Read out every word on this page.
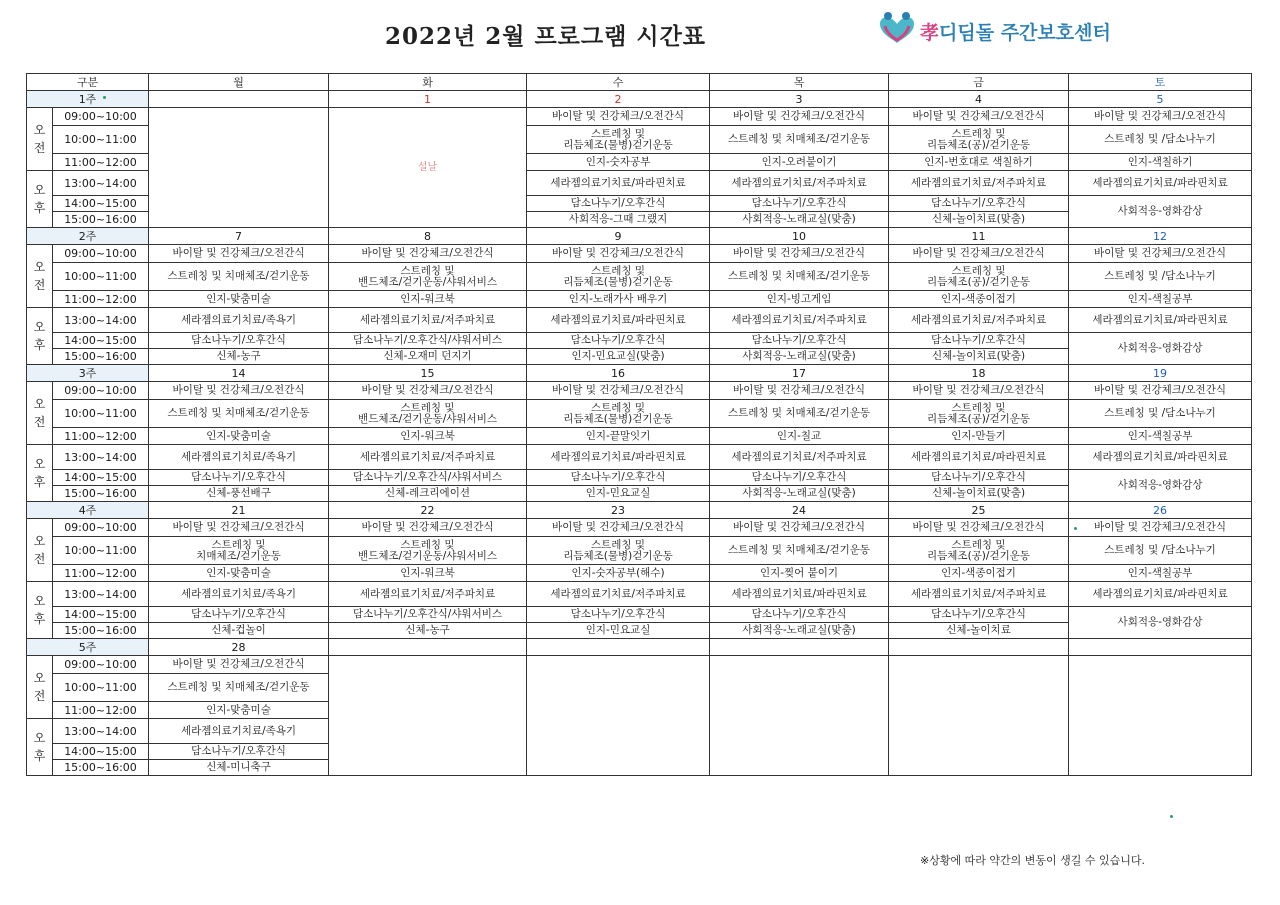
2022년 2월 프로그램 시간표	孝디딤돌 주간보호센터
구분		월	화	수	목	금	토
1주			1	2	3	4	5
오
전	09:00~10:00		설날	바이탈 및 건강체크/오전간식	바이탈 및 건강체크/오전간식	바이탈 및 건강체크/오전간식	바이탈 및 건강체크/오전간식
	10:00~11:00			스트레칭 및
리듬체조(물병)걷기운동	스트레칭 및 치매체조/걷기운동	스트레칭 및
리듬체조(공)/걷기운동	스트레칭 및 /담소나누기
	11:00~12:00			인지-숫자공부	인지-오려붙이기	인지-번호대로 색칠하기	인지-색칠하기
오
후	13:00~14:00			세라젬의료기치료/파라핀치료	세라젬의료기치료/저주파치료	세라젬의료기치료/저주파치료	세라젬의료기치료/파라핀치료
	14:00~15:00			담소나누기/오후간식	담소나누기/오후간식	담소나누기/오후간식	사회적응-영화감상
	15:00~16:00			사회적응-그때 그랬지	사회적응-노래교실(맞춤)	신체-놀이치료(맞춤)	
2주		7	8	9	10	11	12
오
전	09:00~10:00	바이탈 및 건강체크/오전간식	바이탈 및 건강체크/오전간식	바이탈 및 건강체크/오전간식	바이탈 및 건강체크/오전간식	바이탈 및 건강체크/오전간식	바이탈 및 건강체크/오전간식
	10:00~11:00	스트레칭 및 치매체조/걷기운동	스트레칭 및
밴드체조/걷기운동/샤워서비스	스트레칭 및
리듬체조(물병)걷기운동	스트레칭 및 치매체조/걷기운동	스트레칭 및
리듬체조(공)/걷기운동	스트레칭 및 /담소나누기
	11:00~12:00	인지-맞춤미술	인지-워크북	인지-노래가사 배우기	인지-빙고게임	인지-색종이접기	인지-색칠공부
오
후	13:00~14:00	세라젬의료기치료/족욕기	세라젬의료기치료/저주파치료	세라젬의료기치료/파라핀치료	세라젬의료기치료/저주파치료	세라젬의료기치료/저주파치료	세라젬의료기치료/파라핀치료
	14:00~15:00	담소나누기/오후간식	담소나누기/오후간식/샤워서비스	담소나누기/오후간식	담소나누기/오후간식	담소나누기/오후간식	사회적응-영화감상
	15:00~16:00	신체-농구	신체-오재미 던지기	인지-민요교실(맞춤)	사회적응-노래교실(맞춤)	신체-놀이치료(맞춤)	
3주		14	15	16	17	18	19
오
전	09:00~10:00	바이탈 및 건강체크/오전간식	바이탈 및 건강체크/오전간식	바이탈 및 건강체크/오전간식	바이탈 및 건강체크/오전간식	바이탈 및 건강체크/오전간식	바이탈 및 건강체크/오전간식
	10:00~11:00	스트레칭 및 치매체조/걷기운동	스트레칭 및
밴드체조/걷기운동/샤워서비스	스트레칭 및
리듬체조(물병)걷기운동	스트레칭 및 치매체조/걷기운동	스트레칭 및
리듬체조(공)/걷기운동	스트레칭 및 /담소나누기
	11:00~12:00	인지-맞춤미술	인지-워크북	인지-끝말잇기	인지-칠교	인지-만들기	인지-색칠공부
오
후	13:00~14:00	세라젬의료기치료/족욕기	세라젬의료기치료/저주파치료	세라젬의료기치료/파라핀치료	세라젬의료기치료/저주파치료	세라젬의료기치료/파라핀치료	세라젬의료기치료/파라핀치료
	14:00~15:00	담소나누기/오후간식	담소나누기/오후간식/샤워서비스	담소나누기/오후간식	담소나누기/오후간식	담소나누기/오후간식	사회적응-영화감상
	15:00~16:00	신체-풍선배구	신체-레크리에이션	인지-민요교실	사회적응-노래교실(맞춤)	신체-놀이치료(맞춤)	
4주		21	22	23	24	25	26
오
전	09:00~10:00	바이탈 및 건강체크/오전간식	바이탈 및 건강체크/오전간식	바이탈 및 건강체크/오전간식	바이탈 및 건강체크/오전간식	바이탈 및 건강체크/오전간식	바이탈 및 건강체크/오전간식
	10:00~11:00	스트레칭 및
치매체조/걷기운동	스트레칭 및
밴드체조/걷기운동/샤워서비스	스트레칭 및
리듬체조(물병)걷기운동	스트레칭 및 치매체조/걷기운동	스트레칭 및
리듬체조(공)/걷기운동	스트레칭 및 /담소나누기
	11:00~12:00	인지-맞춤미술	인지-워크북	인지-숫자공부(해수)	인지-찢어 붙이기	인지-색종이접기	인지-색칠공부
오
후	13:00~14:00	세라젬의료기치료/족욕기	세라젬의료기치료/저주파치료	세라젬의료기치료/저주파치료	세라젬의료기치료/파라핀치료	세라젬의료기치료/저주파치료	세라젬의료기치료/파라핀치료
	14:00~15:00	담소나누기/오후간식	담소나누기/오후간식/샤워서비스	담소나누기/오후간식	담소나누기/오후간식	담소나누기/오후간식	사회적응-영화감상
	15:00~16:00	신체-컵놀이	신체-농구	인지-민요교실	사회적응-노래교실(맞춤)	신체-놀이치료	
5주		28					
오
전	09:00~10:00	바이탈 및 건강체크/오전간식					
	10:00~11:00	스트레칭 및 치매체조/걷기운동					
	11:00~12:00	인지-맞춤미술					
오
후	13:00~14:00	세라젬의료기치료/족욕기					
	14:00~15:00	담소나누기/오후간식					
	15:00~16:00	신체-미니축구					
※상황에 따라 약간의 변동이 생길 수 있습니다.
